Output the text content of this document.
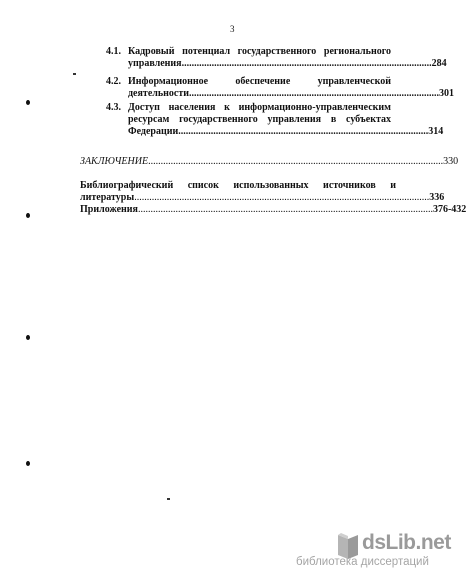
3
4.1. Кадровый потенциал государственного регионального
управления .................................................................................................... 284
4.2. Информационное обеспечение управленческой
деятельности .................................................................................................... 301
4.3. Доступ населения к информационно-управленческим
ресурсам государственного управления в субъектах
Федерации .................................................................................................... 314
ЗАКЛЮЧЕНИЕ ...................................................................................................................... 330
Библиографический список использованных источников и
литературы ...................................................................................................................... 336
Приложения ...................................................................................................................... 376-432
dsLib.net
библиотека диссертаций
